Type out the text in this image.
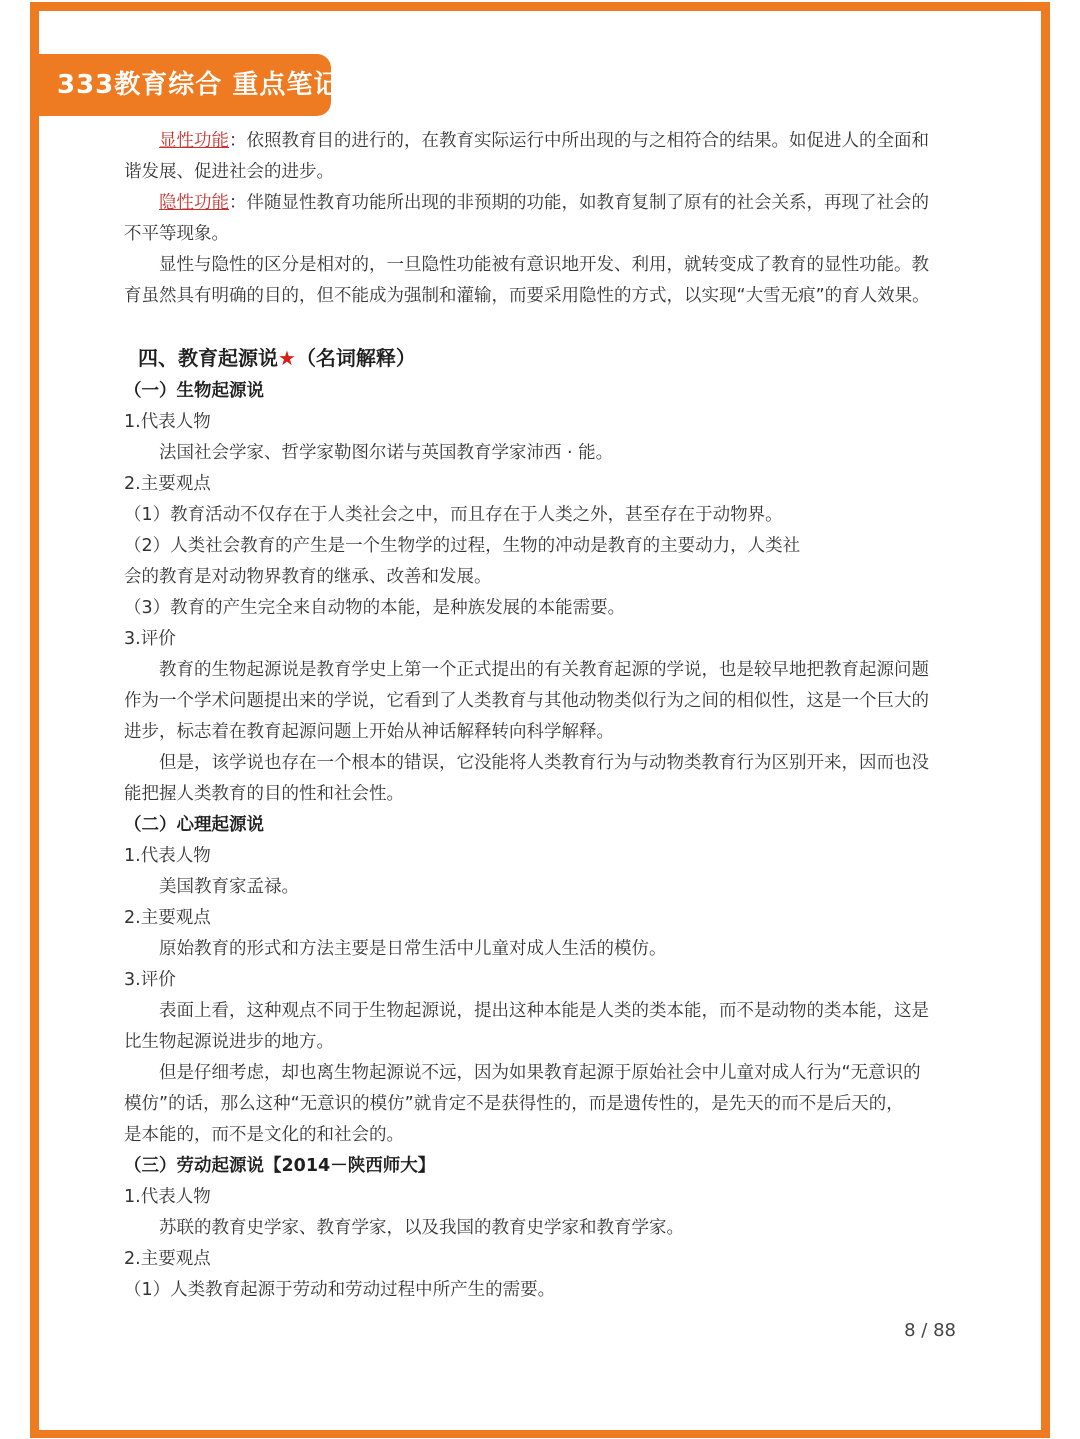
333教育综合 重点笔记
显性功能：依照教育目的进行的，在教育实际运行中所出现的与之相符合的结果。如促进人的全面和
谐发展、促进社会的进步。
隐性功能：伴随显性教育功能所出现的非预期的功能，如教育复制了原有的社会关系，再现了社会的
不平等现象。
显性与隐性的区分是相对的，一旦隐性功能被有意识地开发、利用，就转变成了教育的显性功能。教
育虽然具有明确的目的，但不能成为强制和灌输，而要采用隐性的方式，以实现“大雪无痕”的育人效果。
四、教育起源说★（名词解释）
（一）生物起源说
1.代表人物
法国社会学家、哲学家勒图尔诺与英国教育学家沛西 · 能。
2.主要观点
（1）教育活动不仅存在于人类社会之中，而且存在于人类之外，甚至存在于动物界。
（2）人类社会教育的产生是一个生物学的过程，生物的冲动是教育的主要动力，人类社
会的教育是对动物界教育的继承、改善和发展。
（3）教育的产生完全来自动物的本能，是种族发展的本能需要。
3.评价
教育的生物起源说是教育学史上第一个正式提出的有关教育起源的学说，也是较早地把教育起源问题
作为一个学术问题提出来的学说，它看到了人类教育与其他动物类似行为之间的相似性，这是一个巨大的
进步，标志着在教育起源问题上开始从神话解释转向科学解释。
但是，该学说也存在一个根本的错误，它没能将人类教育行为与动物类教育行为区别开来，因而也没
能把握人类教育的目的性和社会性。
（二）心理起源说
1.代表人物
美国教育家孟禄。
2.主要观点
原始教育的形式和方法主要是日常生活中儿童对成人生活的模仿。
3.评价
表面上看，这种观点不同于生物起源说，提出这种本能是人类的类本能，而不是动物的类本能，这是
比生物起源说进步的地方。
但是仔细考虑，却也离生物起源说不远，因为如果教育起源于原始社会中儿童对成人行为“无意识的
模仿”的话，那么这种“无意识的模仿”就肯定不是获得性的，而是遗传性的，是先天的而不是后天的，
是本能的，而不是文化的和社会的。
（三）劳动起源说【2014－陕西师大】
1.代表人物
苏联的教育史学家、教育学家，以及我国的教育史学家和教育学家。
2.主要观点
（1）人类教育起源于劳动和劳动过程中所产生的需要。
8 / 88
